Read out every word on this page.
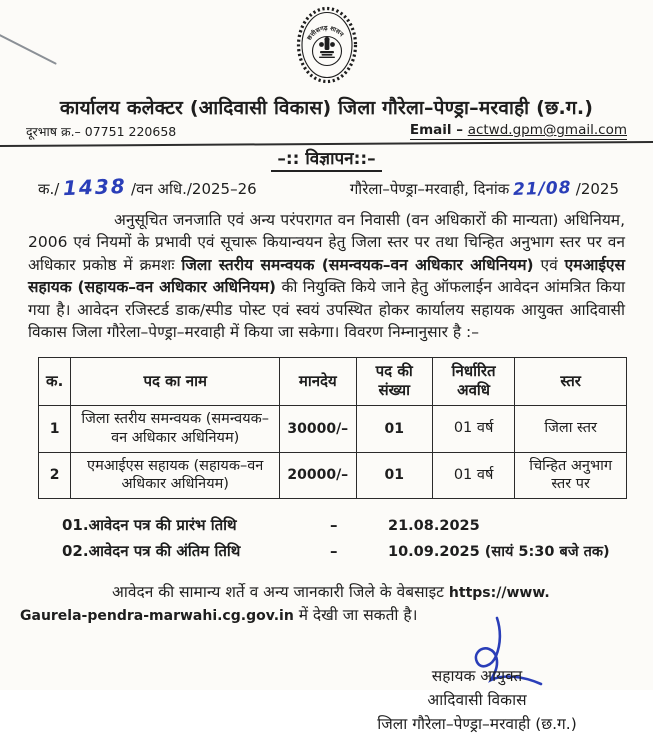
छत्तीसगढ़ शासन
कार्यालय कलेक्टर (आदिवासी विकास) जिला गौरेला–पेण्ड्रा–मरवाही (छ.ग.)
दूरभाष क्र.– 07751 220658	Email – actwd.gpm@gmail.com
–:: विज्ञापन::–
क./ 1438 /वन अधि./2025–26	गौरेला–पेण्ड्रा–मरवाही, दिनांक 21/08 /2025
अनुसूचित जनजाति एवं अन्य परंपरागत वन निवासी (वन अधिकारों की मान्यता) अधिनियम, 2006 एवं नियमों के प्रभावी एवं सूचारू कियान्वयन हेतु जिला स्तर पर तथा चिन्हित अनुभाग स्तर पर वन अधिकार प्रकोष्ठ में क्रमशः जिला स्तरीय समन्वयक (समन्वयक–वन अधिकार अधिनियम) एवं एमआईएस सहायक (सहायक–वन अधिकार अधिनियम) की नियुक्ति किये जाने हेतु ऑफलाईन आवेदन आंमत्रित किया गया है। आवेदन रजिस्टर्ड डाक/स्पीड पोस्ट एवं स्वयं उपस्थित होकर कार्यालय सहायक आयुक्त आदिवासी विकास जिला गौरेला–पेण्ड्रा–मरवाही में किया जा सकेगा। विवरण निम्नानुसार है :–
क.	पद का नाम	मानदेय	पद की संख्या	निर्धारित अवधि	स्तर
1	जिला स्तरीय समन्वयक (समन्वयक–वन अधिकार अधिनियम)	30000/–	01	01 वर्ष	जिला स्तर
2	एमआईएस सहायक (सहायक–वन अधिकार अधिनियम)	20000/–	01	01 वर्ष	चिन्हित अनुभाग स्तर पर
01.आवेदन पत्र की प्रारंभ तिथि	–	21.08.2025
02.आवेदन पत्र की अंतिम तिथि	–	10.09.2025 (सायं 5:30 बजे तक)
आवेदन की सामान्य शर्ते व अन्य जानकारी जिले के वेबसाइट https://www.
Gaurela-pendra-marwahi.cg.gov.in में देखी जा सकती है।
सहायक आयुक्त
आदिवासी विकास
जिला गौरेला–पेण्ड्रा–मरवाही (छ.ग.)
